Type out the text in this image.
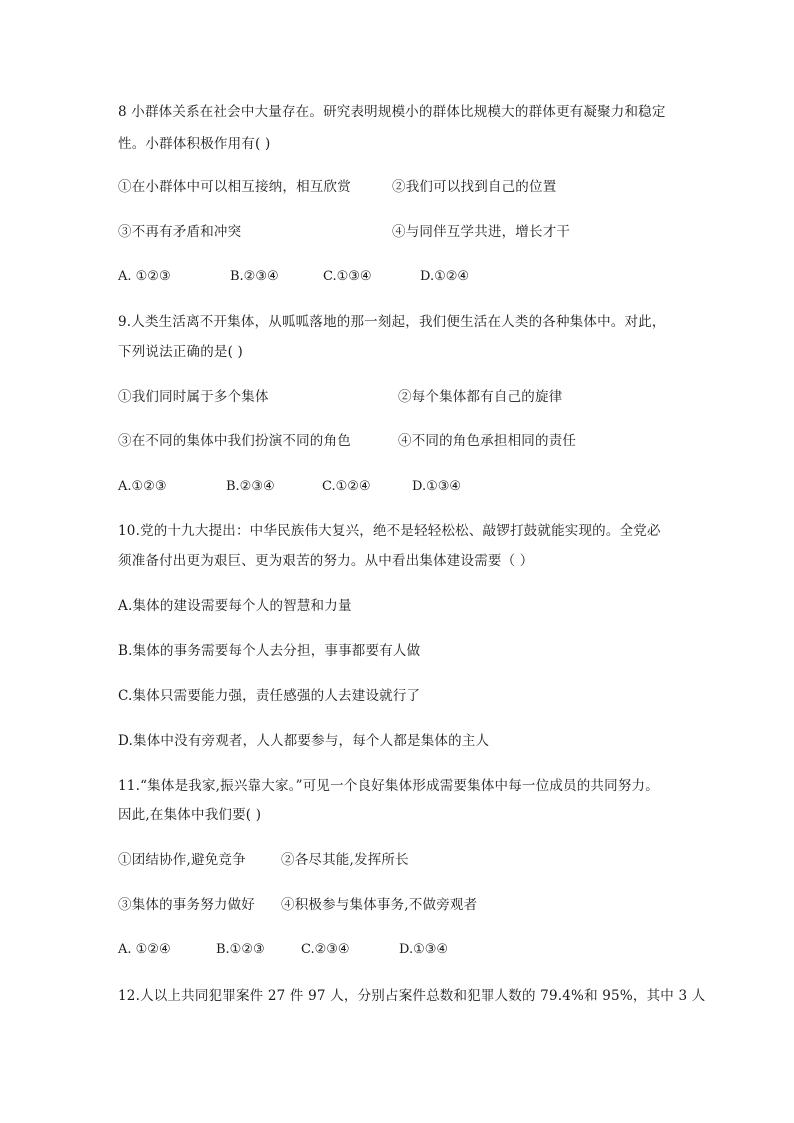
8 小群体关系在社会中大量存在。研究表明规模小的群体比规模大的群体更有凝聚力和稳定
性。小群体积极作用有( )
①在小群体中可以相互接纳，相互欣赏	②我们可以找到自己的位置
③不再有矛盾和冲突	④与同伴互学共进，增长才干
A. ①②③	B.②③④	C.①③④	D.①②④
9.人类生活离不开集体，从呱呱落地的那一刻起，我们便生活在人类的各种集体中。对此，
下列说法正确的是( )
①我们同时属于多个集体	②每个集体都有自己的旋律
③在不同的集体中我们扮演不同的角色	④不同的角色承担相同的责任
A.①②③	B.②③④	C.①②④	D.①③④
10.党的十九大提出：中华民族伟大复兴，绝不是轻轻松松、敲锣打鼓就能实现的。全党必
须准备付出更为艰巨、更为艰苦的努力。从中看出集体建设需要（ ）
A.集体的建设需要每个人的智慧和力量
B.集体的事务需要每个人去分担，事事都要有人做
C.集体只需要能力强，责任感强的人去建设就行了
D.集体中没有旁观者，人人都要参与，每个人都是集体的主人
11.“集体是我家,振兴靠大家。”可见一个良好集体形成需要集体中每一位成员的共同努力。
因此,在集体中我们要( )
①团结协作,避免竞争	②各尽其能,发挥所长
③集体的事务努力做好 ④积极参与集体事务,不做旁观者
A. ①②④	B.①②③	C.②③④	D.①③④
12.人以上共同犯罪案件 27 件 97 人，分别占案件总数和犯罪人数的 79.4%和 95%，其中 3 人
